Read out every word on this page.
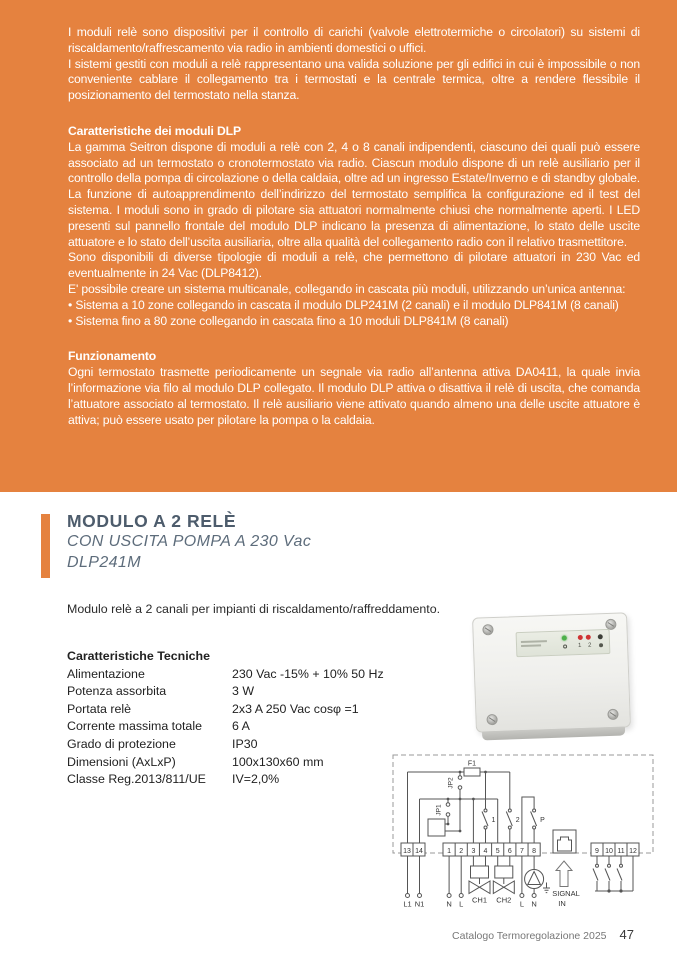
I moduli relè sono dispositivi per il controllo di carichi (valvole elettrotermiche o circolatori) su sistemi di riscaldamento/raffrescamento via radio in ambienti domestici o uffici.

I sistemi gestiti con moduli a relè rappresentano una valida soluzione per gli edifici in cui è impossibile o non conveniente cablare il collegamento tra i termostati e la centrale termica, oltre a rendere flessibile il posizionamento del termostato nella stanza.

Caratteristiche dei moduli DLP

La gamma Seitron dispone di moduli a relè con 2, 4 o 8 canali indipendenti, ciascuno dei quali può essere associato ad un termostato o cronotermostato via radio. Ciascun modulo dispone di un relè ausiliario per il controllo della pompa di circolazione o della caldaia, oltre ad un ingresso Estate/Inverno e di standby globale. La funzione di autoapprendimento dell’indirizzo del termostato semplifica la configurazione ed il test del sistema. I moduli sono in grado di pilotare sia attuatori normalmente chiusi che normalmente aperti. I LED presenti sul pannello frontale del modulo DLP indicano la presenza di alimentazione, lo stato delle uscite attuatore e lo stato dell’uscita ausiliaria, oltre alla qualità del collegamento radio con il relativo trasmettitore.

Sono disponibili di diverse tipologie di moduli a relè, che permettono di pilotare attuatori in 230 Vac ed eventualmente in 24 Vac (DLP8412).

E' possibile creare un sistema multicanale, collegando in cascata più moduli, utilizzando un’unica antenna:

• Sistema a 10 zone collegando in cascata il modulo DLP241M (2 canali) e il modulo DLP841M (8 canali)

• Sistema fino a 80 zone collegando in cascata fino a 10 moduli DLP841M (8 canali)

Funzionamento

Ogni termostato trasmette periodicamente un segnale via radio all’antenna attiva DA0411, la quale invia l’informazione via filo al modulo DLP collegato. Il modulo DLP attiva o disattiva il relè di uscita, che comanda l’attuatore associato al termostato. Il relè ausiliario viene attivato quando almeno una delle uscite attuatore è attiva; può essere usato per pilotare la pompa o la caldaia.

MODULO A 2 RELÈ
CON USCITA POMPA A 230 Vac
DLP241M
Modulo relè a 2 canali per impianti di riscaldamento/raffreddamento.
Caratteristiche Tecniche
Alimentazione	230 Vac -15% + 10% 50 Hz
Potenza assorbita	3 W
Portata relè	2x3 A 250 Vac cosφ =1
Corrente massima totale	6 A
Grado di protezione	IP30
Dimensioni (AxLxP)	100x130x60 mm
Classe Reg.2013/811/UE	IV=2,0%
1 2
F1
JP2
JP1
1	2	P
13 14	1 2 3 4 5 6 7 8	9 10 11 12
L1 N1	N L CH1 CH2 L N
SIGNAL
IN
Catalogo Termoregolazione 2025 47
